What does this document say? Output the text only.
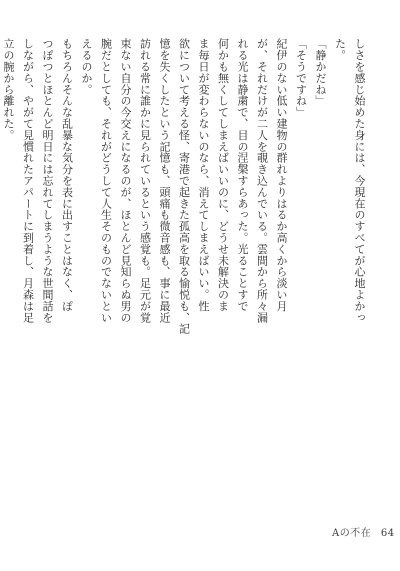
しさを感じ始めた身には、今現在のすべてが心地よかっ

た。

「静かだね」

「そうですね」

紀伊のない低い建物の群れよりはるか高くから淡い月

が、それだけが二人を覗き込んでいる。雲間から所々漏

れる光は静粛で、目の涅槃すらあった。光ることすで

何かも無くしてしまえばいいのに、どうせ未解決のま

ま毎日が変わらないのなら、消えてしまえばいい。性

欲について考える怪、寄港で起きた孤高を取る愉悦も、記

憶を失くしたという記憶も、頭痛も微音感も、事に最近

訪れる常に誰かに見られているという感覚も。足元が覚

束ない自分の今交えになるのが、ほとんど見知らぬ男の

腕だとしても、それがどうして人生そのものでないとい

えるのか。

もちろんそんな乱暴な気分を表に出すことはなく、ぽ

つぽつとほとんど明日には忘れてしまうような世間話を

しながら、やがて見慣れたアパートに到着し、月森は足

立の腕から離れた。

Aの不在 64
